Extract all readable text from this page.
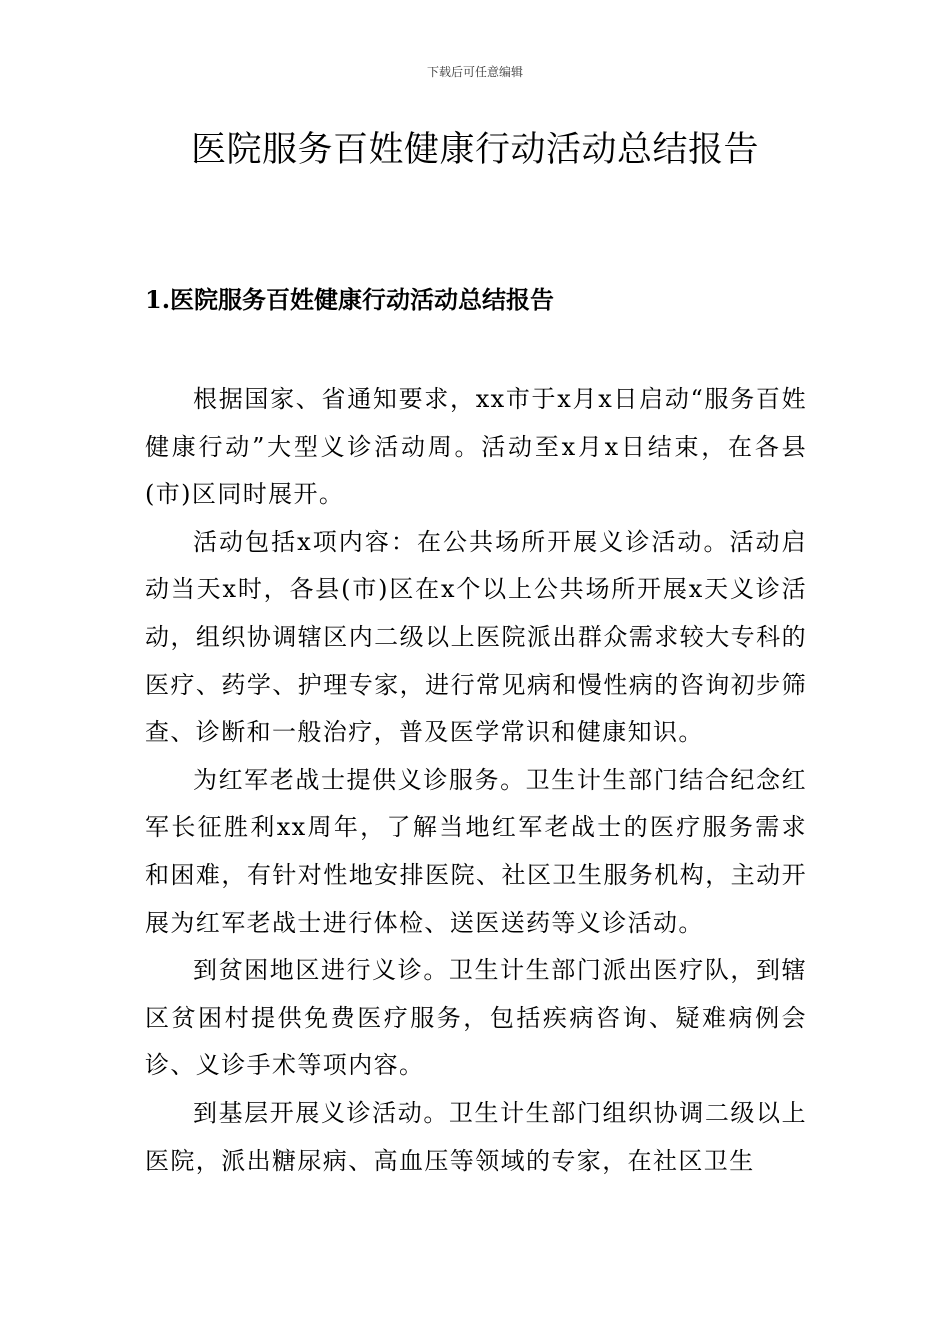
下载后可任意编辑
医院服务百姓健康行动活动总结报告
1.医院服务百姓健康行动活动总结报告

根据国家、省通知要求，xx市于x月x日启动“服务百姓健康行动”大型义诊活动周。活动至x月x日结束，在各县(市)区同时展开。

活动包括x项内容：在公共场所开展义诊活动。活动启动当天x时，各县(市)区在x个以上公共场所开展x天义诊活动，组织协调辖区内二级以上医院派出群众需求较大专科的医疗、药学、护理专家，进行常见病和慢性病的咨询初步筛查、诊断和一般治疗，普及医学常识和健康知识。

为红军老战士提供义诊服务。卫生计生部门结合纪念红军长征胜利xx周年，了解当地红军老战士的医疗服务需求和困难，有针对性地安排医院、社区卫生服务机构，主动开展为红军老战士进行体检、送医送药等义诊活动。

到贫困地区进行义诊。卫生计生部门派出医疗队，到辖区贫困村提供免费医疗服务，包括疾病咨询、疑难病例会诊、义诊手术等项内容。

到基层开展义诊活动。卫生计生部门组织协调二级以上医院，派出糖尿病、高血压等领域的专家，在社区卫生
